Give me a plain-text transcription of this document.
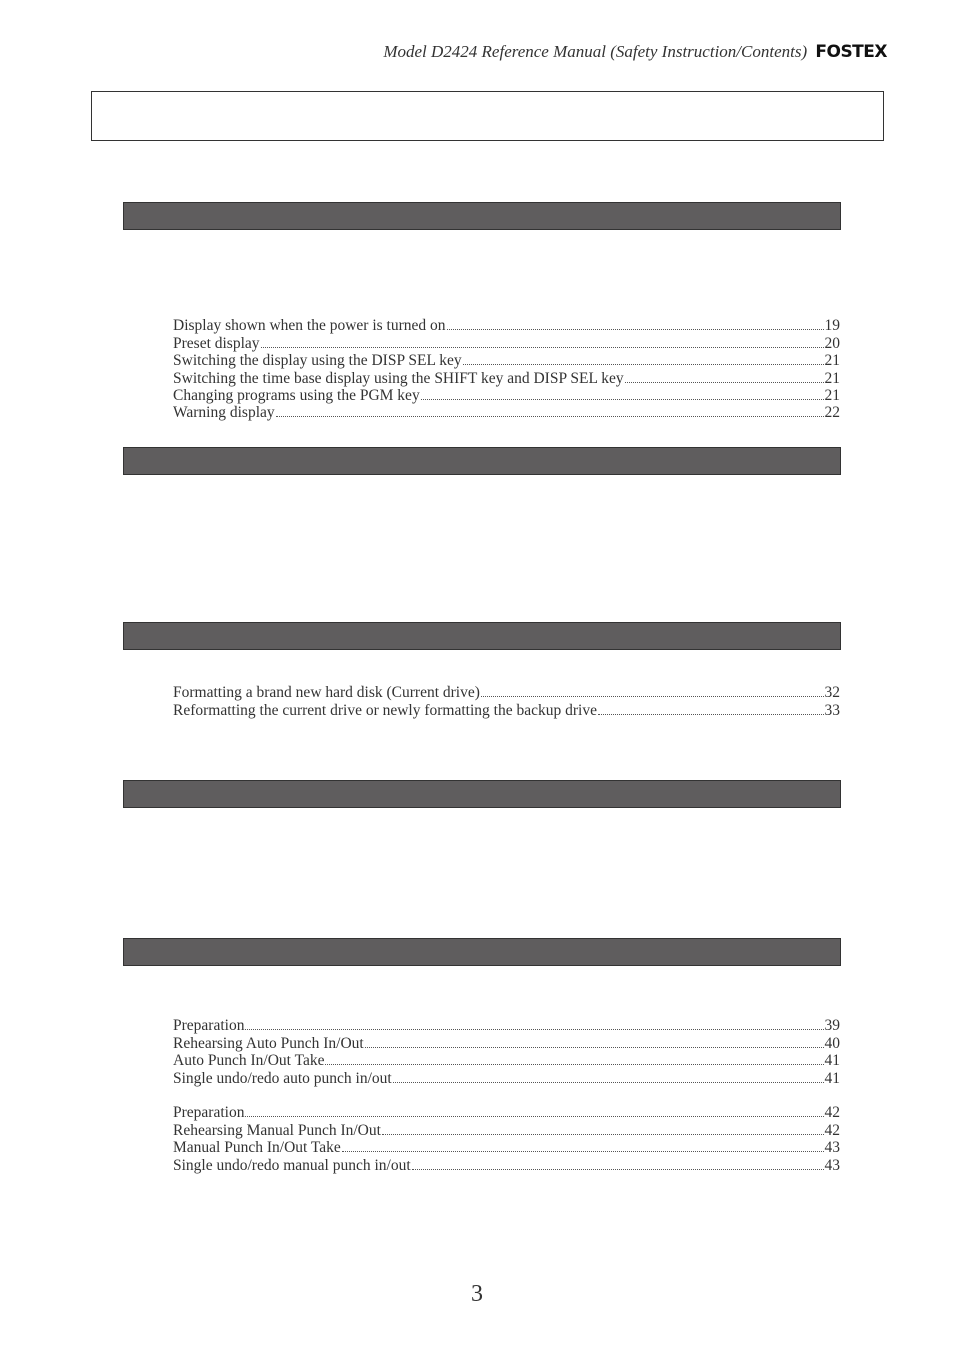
Model D2424 Reference Manual (Safety Instruction/Contents) FOSTEX
Display shown when the power is turned on	19
Preset display	20
Switching the display using the DISP SEL key	21
Switching the time base display using the SHIFT key and DISP SEL key	21
Changing programs using the PGM key	21
Warning display	22
Formatting a brand new hard disk (Current drive)	32
Reformatting the current drive or newly formatting the backup drive	33
Preparation	39
Rehearsing Auto Punch In/Out	40
Auto Punch In/Out Take	41
Single undo/redo auto punch in/out	41
Preparation	42
Rehearsing Manual Punch In/Out	42
Manual Punch In/Out Take	43
Single undo/redo manual punch in/out	43
3
